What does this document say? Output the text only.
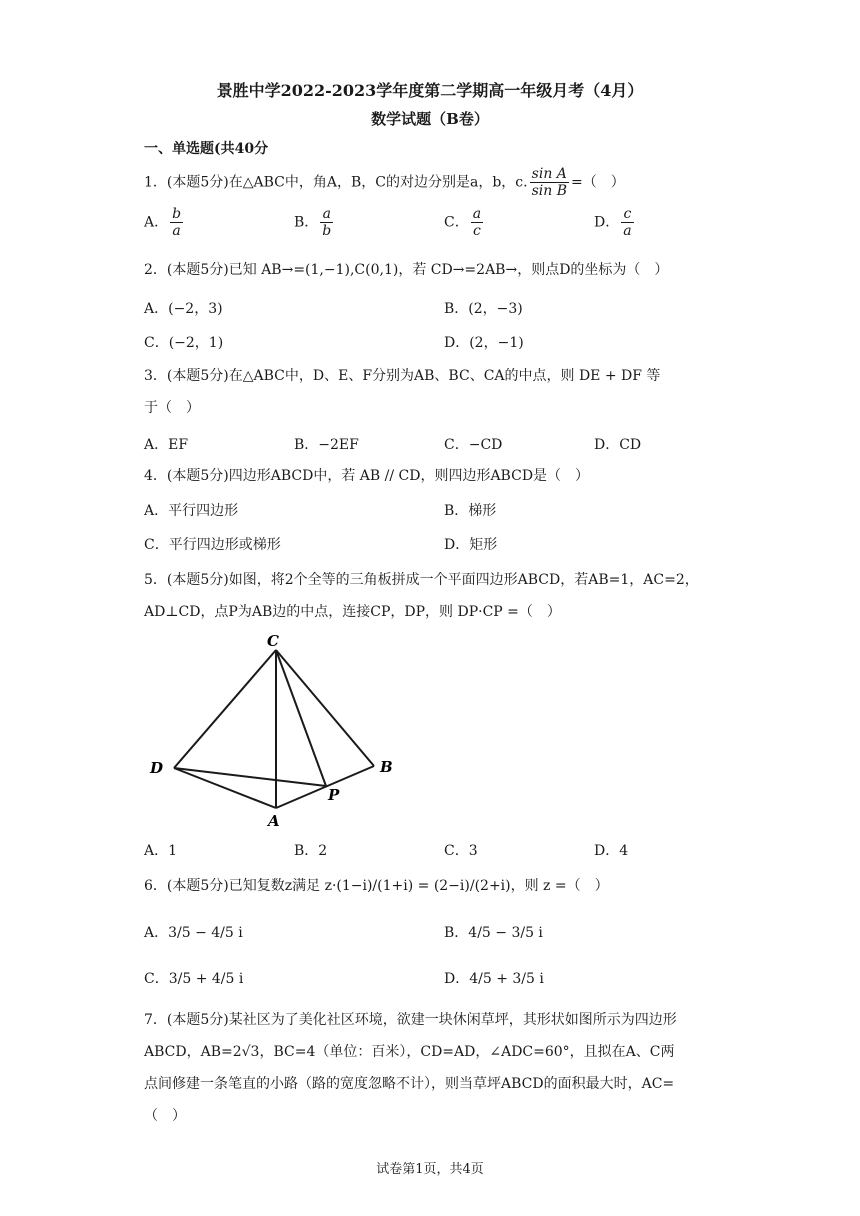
景胜中学2022-2023学年度第二学期高一年级月考（4月）
数学试题（B卷）
一、单选题(共40分
1．(本题5分)在△ABC中，角A，B，C的对边分别是a，b，c. $\frac{\text{sin A}}{\text{sin B}}$ =（　）
A． $\frac{b}{a}$	B． $\frac{a}{b}$	C． $\frac{a}{c}$	D． $\frac{c}{a}$
2．(本题5分)已知 AB→=(1,−1),C(0,1)，若 CD→=2AB→，则点D的坐标为（　）
A．(−2，3)	B．(2，−3)
C．(−2，1)	D．(2，−1)
3．(本题5分)在△ABC中，D、E、F分别为AB、BC、CA的中点，则 DE + DF 等
于（　）
A．EF	B．−2EF	C．−CD	D．CD
4．(本题5分)四边形ABCD中，若 AB // CD，则四边形ABCD是（　）
A．平行四边形	B．梯形
C．平行四边形或梯形	D．矩形
5．(本题5分)如图，将2个全等的三角板拼成一个平面四边形ABCD，若AB=1，AC=2，
AD⊥CD，点P为AB边的中点，连接CP，DP，则 DP·CP =（　）
C
D	B
P
A
A．1	B．2	C．3	D．4
6．(本题5分)已知复数z满足 z·(1−i)/(1+i) = (2−i)/(2+i)，则 z =（　）
A．3/5 − 4/5 i	B．4/5 − 3/5 i
C．3/5 + 4/5 i	D．4/5 + 3/5 i
7．(本题5分)某社区为了美化社区环境，欲建一块休闲草坪，其形状如图所示为四边形
ABCD，AB=2√3，BC=4（单位：百米），CD=AD，∠ADC=60°，且拟在A、C两
点间修建一条笔直的小路（路的宽度忽略不计），则当草坪ABCD的面积最大时，AC=
（　）
试卷第1页，共4页
